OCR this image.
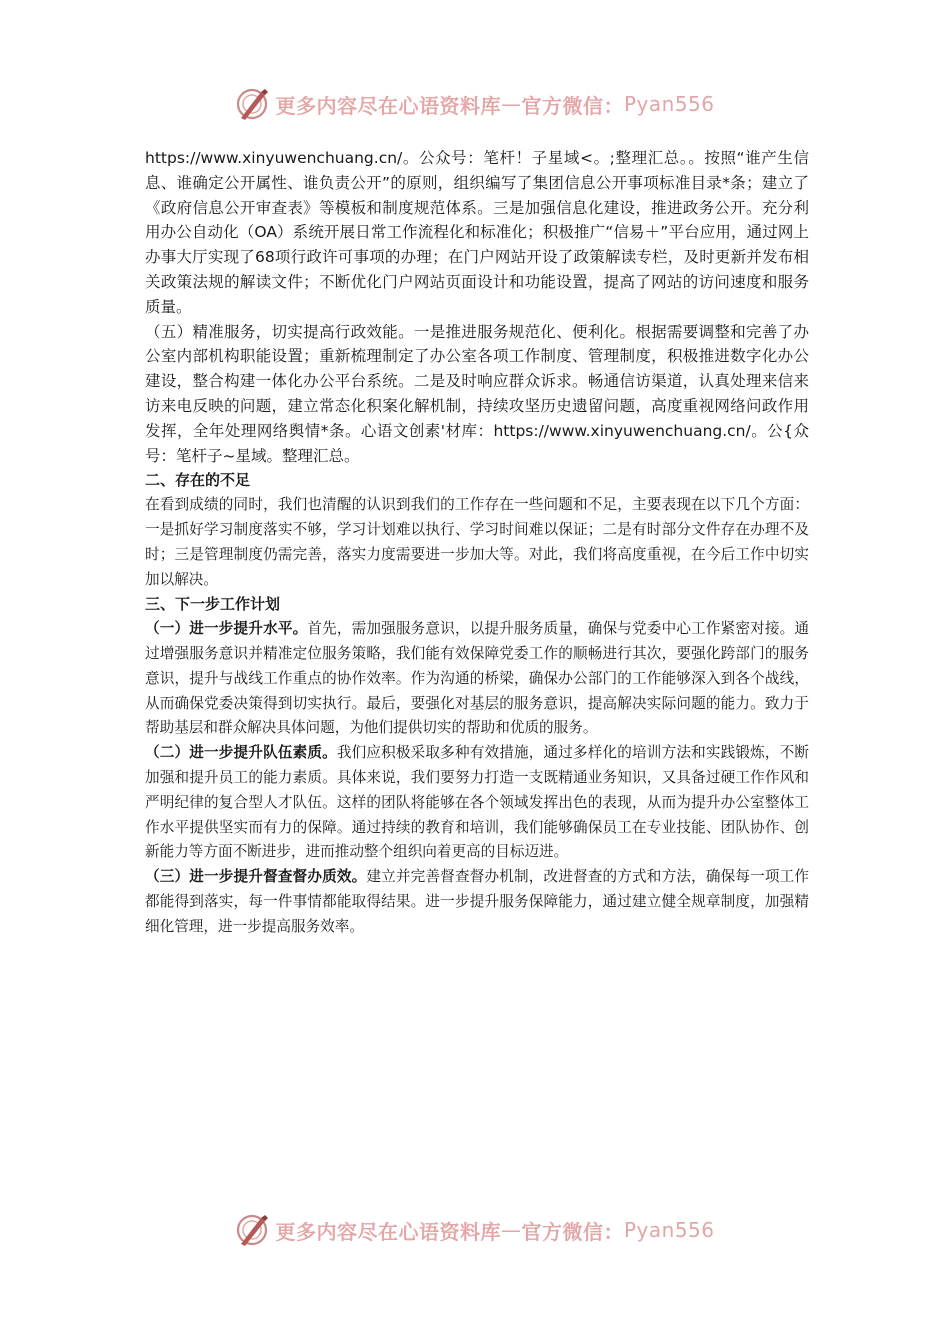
更多内容尽在心语资料库 — 官方微信： Pyan556

https://www.xinyuwenchuang.cn/。公众号：笔杆！子星域<。;整理汇总。。按照“谁产生信息、谁确定公开属性、谁负责公开”的原则，组织编写了集团信息公开事项标准目录*条；建立了《政府信息公开审查表》等模板和制度规范体系。三是加强信息化建设，推进政务公开。充分利用办公自动化（OA）系统开展日常工作流程化和标准化；积极推广“信易＋”平台应用，通过网上办事大厅实现了68项行政许可事项的办理；在门户网站开设了政策解读专栏，及时更新并发布相关政策法规的解读文件；不断优化门户网站页面设计和功能设置，提高了网站的访问速度和服务质量。

（五）精准服务，切实提高行政效能。一是推进服务规范化、便利化。根据需要调整和完善了办公室内部机构职能设置；重新梳理制定了办公室各项工作制度、管理制度，积极推进数字化办公建设，整合构建一体化办公平台系统。二是及时响应群众诉求。畅通信访渠道，认真处理来信来访来电反映的问题，建立常态化积案化解机制，持续攻坚历史遗留问题，高度重视网络问政作用发挥，全年处理网络舆情*条。心语文创素'材库：https://www.xinyuwenchuang.cn/。公{众号：笔杆子~星域。整理汇总。

二、存在的不足

在看到成绩的同时，我们也清醒的认识到我们的工作存在一些问题和不足，主要表现在以下几个方面：一是抓好学习制度落实不够，学习计划难以执行、学习时间难以保证；二是有时部分文件存在办理不及时；三是管理制度仍需完善，落实力度需要进一步加大等。对此，我们将高度重视，在今后工作中切实加以解决。

三、下一步工作计划

（一）进一步提升水平。首先，需加强服务意识，以提升服务质量，确保与党委中心工作紧密对接。通过增强服务意识并精准定位服务策略，我们能有效保障党委工作的顺畅进行其次，要强化跨部门的服务意识，提升与战线工作重点的协作效率。作为沟通的桥梁，确保办公部门的工作能够深入到各个战线，从而确保党委决策得到切实执行。最后，要强化对基层的服务意识，提高解决实际问题的能力。致力于帮助基层和群众解决具体问题，为他们提供切实的帮助和优质的服务。

（二）进一步提升队伍素质。我们应积极采取多种有效措施，通过多样化的培训方法和实践锻炼，不断加强和提升员工的能力素质。具体来说，我们要努力打造一支既精通业务知识，又具备过硬工作作风和严明纪律的复合型人才队伍。这样的团队将能够在各个领域发挥出色的表现，从而为提升办公室整体工作水平提供坚实而有力的保障。通过持续的教育和培训，我们能够确保员工在专业技能、团队协作、创新能力等方面不断进步，进而推动整个组织向着更高的目标迈进。

（三）进一步提升督查督办质效。建立并完善督查督办机制，改进督查的方式和方法，确保每一项工作都能得到落实，每一件事情都能取得结果。进一步提升服务保障能力，通过建立健全规章制度，加强精细化管理，进一步提高服务效率。

更多内容尽在心语资料库 — 官方微信： Pyan556
